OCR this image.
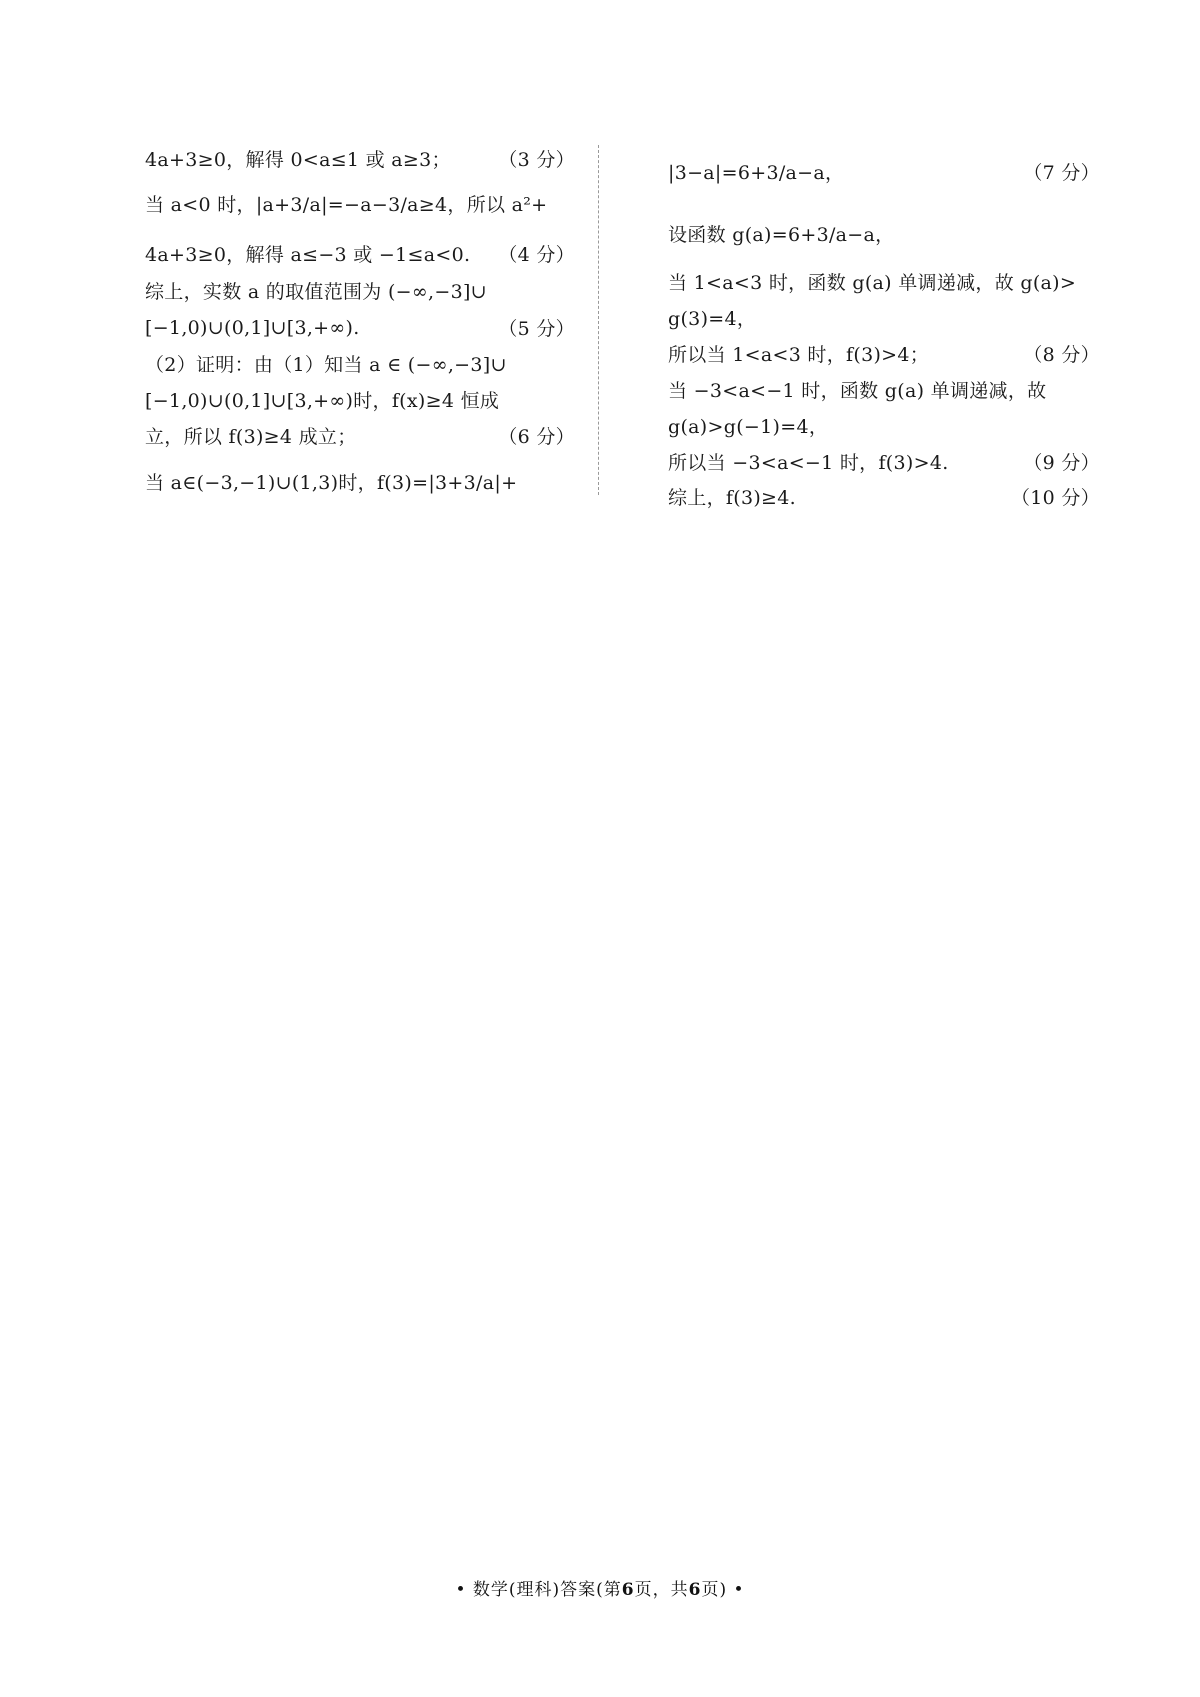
4a+3≥0，解得 0<a≤1 或 a≥3；	（3 分）
当 a<0 时，|a+3/a|=−a−3/a≥4，所以 a²+
4a+3≥0，解得 a≤−3 或 −1≤a<0.	（4 分）
综上，实数 a 的取值范围为 (−∞,−3]∪
[−1,0)∪(0,1]∪[3,+∞).	（5 分）
（2）证明：由（1）知当 a ∈ (−∞,−3]∪
[−1,0)∪(0,1]∪[3,+∞)时，f(x)≥4 恒成
立，所以 f(3)≥4 成立；	（6 分）
当 a∈(−3,−1)∪(1,3)时，f(3)=|3+3/a|+
|3−a|=6+3/a−a，	（7 分）
设函数 g(a)=6+3/a−a，
当 1<a<3 时，函数 g(a) 单调递减，故 g(a)>
g(3)=4，
所以当 1<a<3 时，f(3)>4；	（8 分）
当 −3<a<−1 时，函数 g(a) 单调递减，故
g(a)>g(−1)=4，
所以当 −3<a<−1 时，f(3)>4.	（9 分）
综上，f(3)≥4.	（10 分）
• 数学(理科)答案(第6页，共6页) •
